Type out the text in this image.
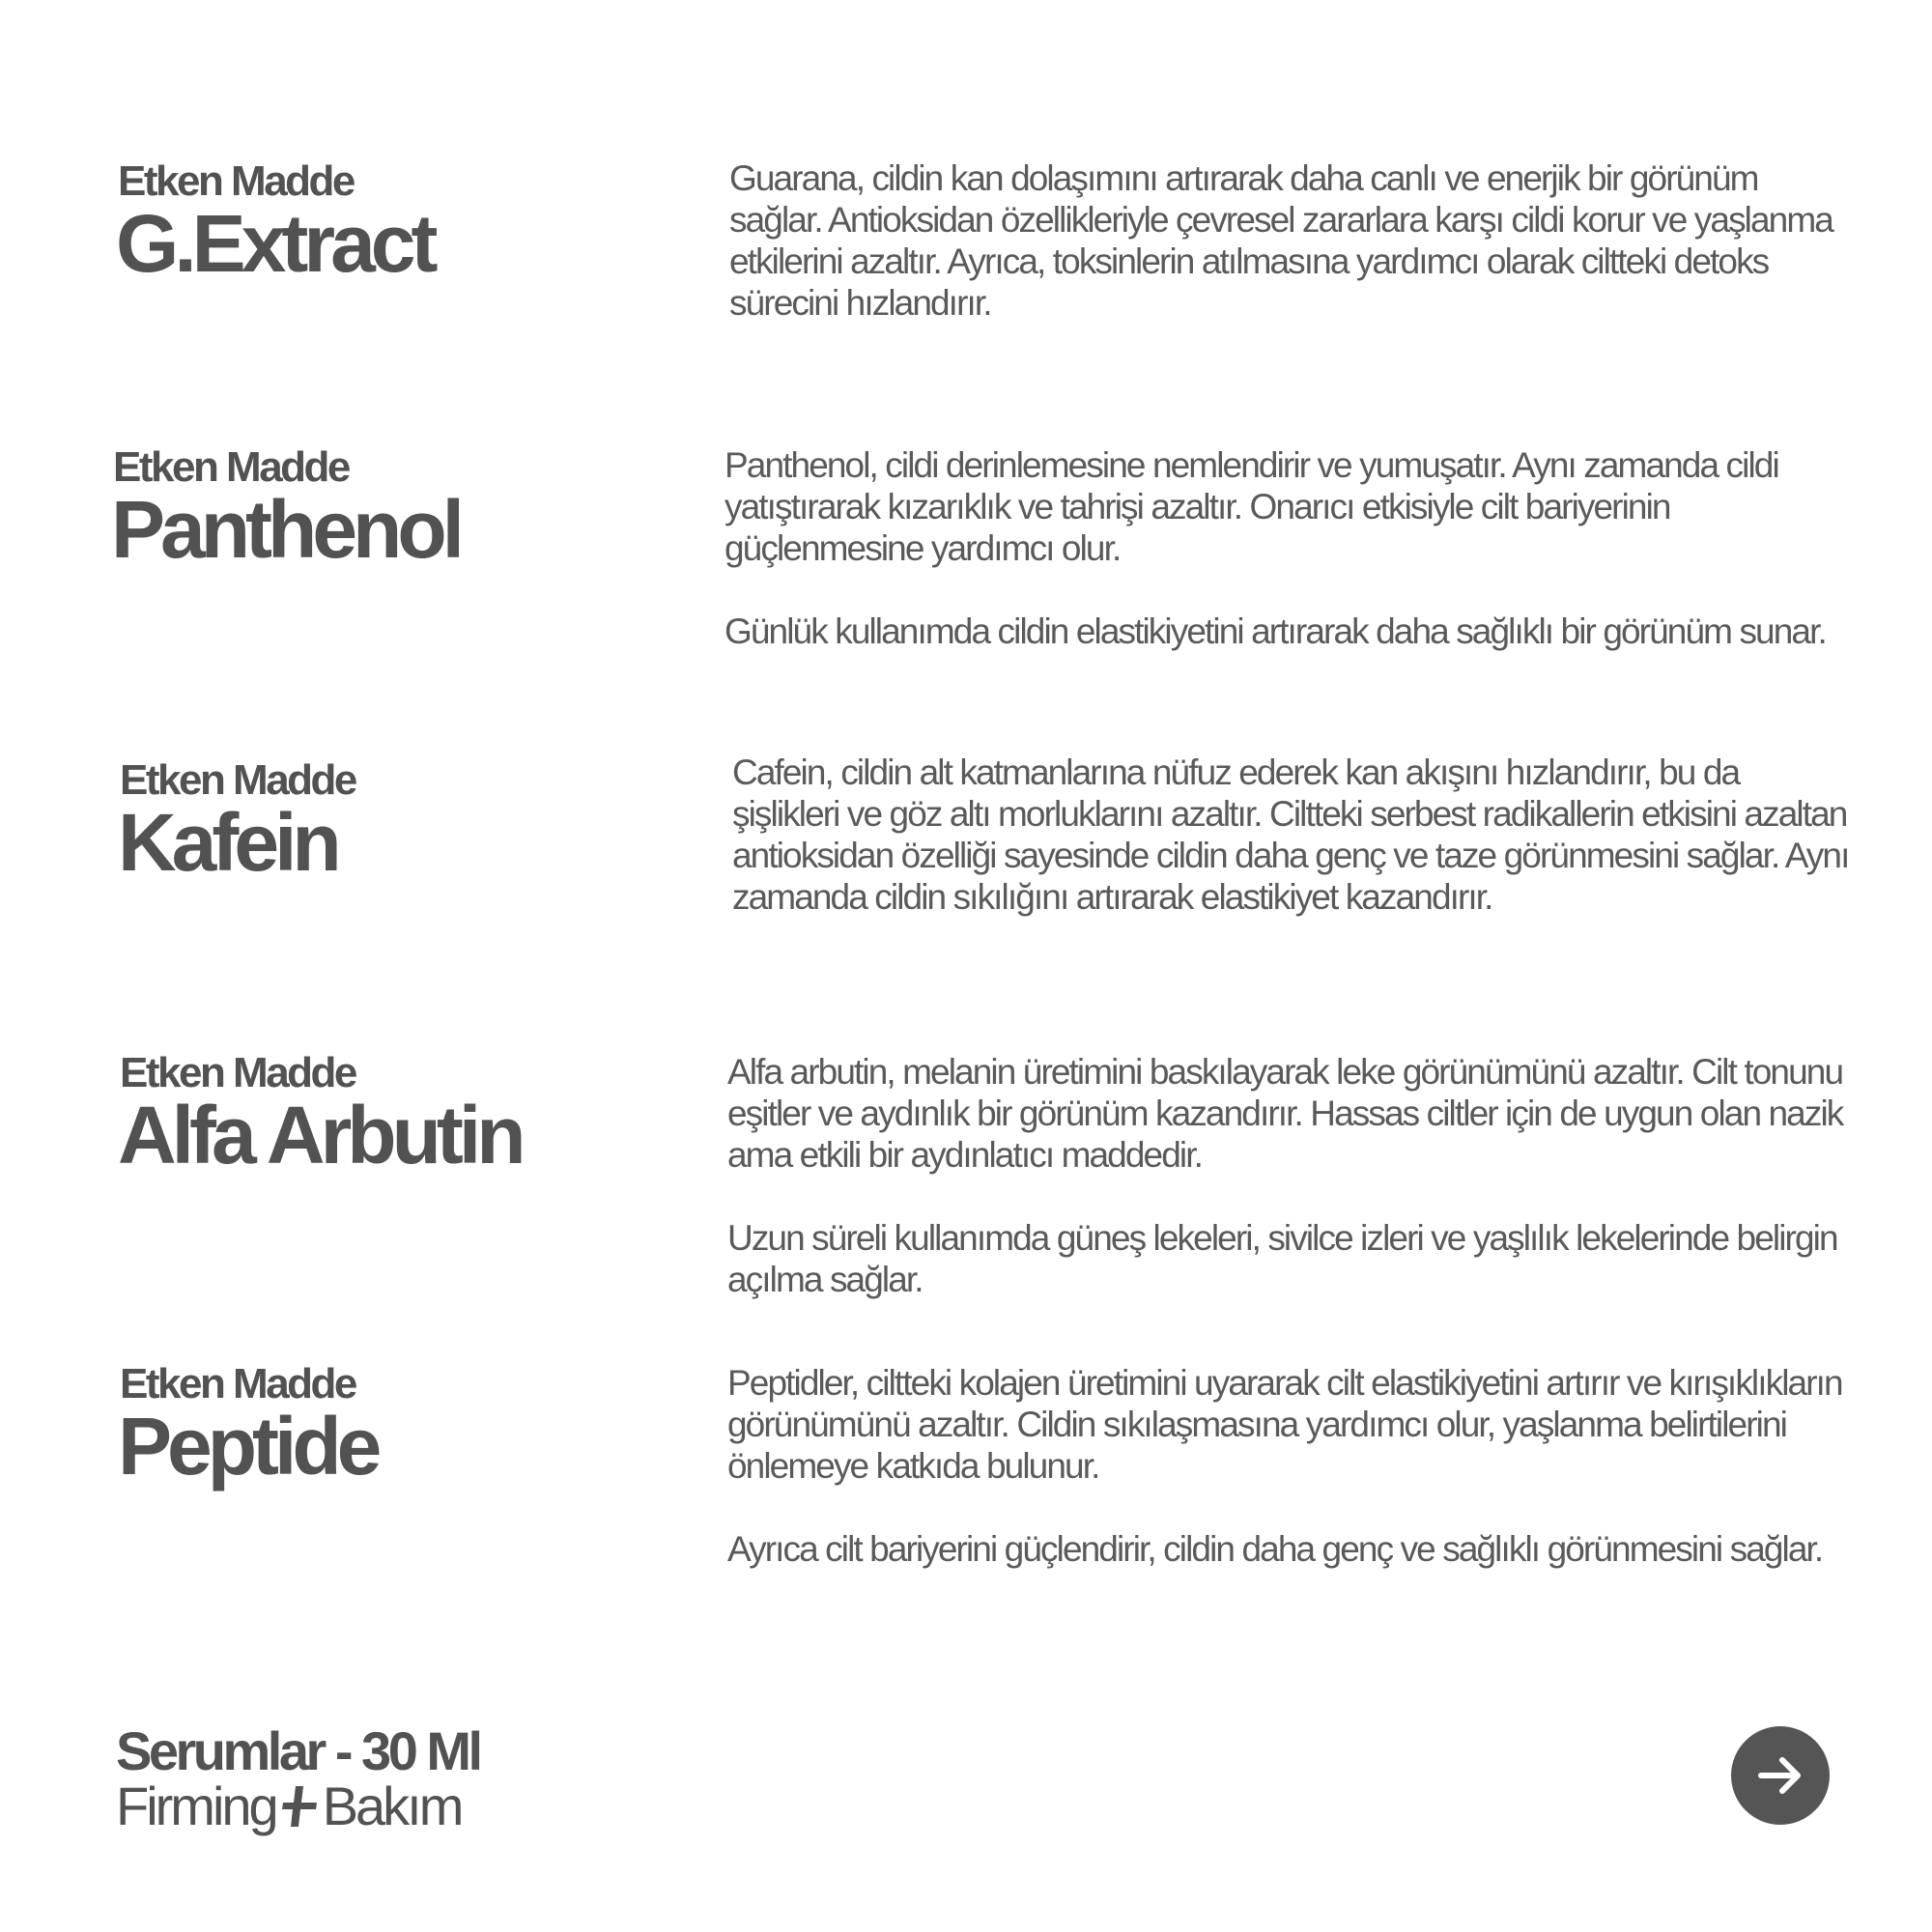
Etken Madde
G.Extract

Guarana, cildin kan dolaşımını artırarak daha canlı ve enerjik bir görünüm sağlar. Antioksidan özellikleriyle çevresel zararlara karşı cildi korur ve yaşlanma etkilerini azaltır. Ayrıca, toksinlerin atılmasına yardımcı olarak ciltteki detoks sürecini hızlandırır.

Etken Madde
Panthenol

Panthenol, cildi derinlemesine nemlendirir ve yumuşatır. Aynı zamanda cildi yatıştırarak kızarıklık ve tahrişi azaltır. Onarıcı etkisiyle cilt bariyerinin güçlenmesine yardımcı olur.

Günlük kullanımda cildin elastikiyetini artırarak daha sağlıklı bir görünüm sunar.

Etken Madde
Kafein

Cafein, cildin alt katmanlarına nüfuz ederek kan akışını hızlandırır, bu da şişlikleri ve göz altı morluklarını azaltır. Ciltteki serbest radikallerin etkisini azaltan antioksidan özelliği sayesinde cildin daha genç ve taze görünmesini sağlar. Aynı zamanda cildin sıkılığını artırarak elastikiyet kazandırır.

Etken Madde
Alfa Arbutin

Alfa arbutin, melanin üretimini baskılayarak leke görünümünü azaltır. Cilt tonunu eşitler ve aydınlık bir görünüm kazandırır. Hassas ciltler için de uygun olan nazik ama etkili bir aydınlatıcı maddedir.

Uzun süreli kullanımda güneş lekeleri, sivilce izleri ve yaşlılık lekelerinde belirgin açılma sağlar.

Etken Madde
Peptide

Peptidler, ciltteki kolajen üretimini uyararak cilt elastikiyetini artırır ve kırışıklıkların görünümünü azaltır. Cildin sıkılaşmasına yardımcı olur, yaşlanma belirtilerini önlemeye katkıda bulunur.

Ayrıca cilt bariyerini güçlendirir, cildin daha genç ve sağlıklı görünmesini sağlar.

Serumlar - 30 Ml
Firming Bakım
